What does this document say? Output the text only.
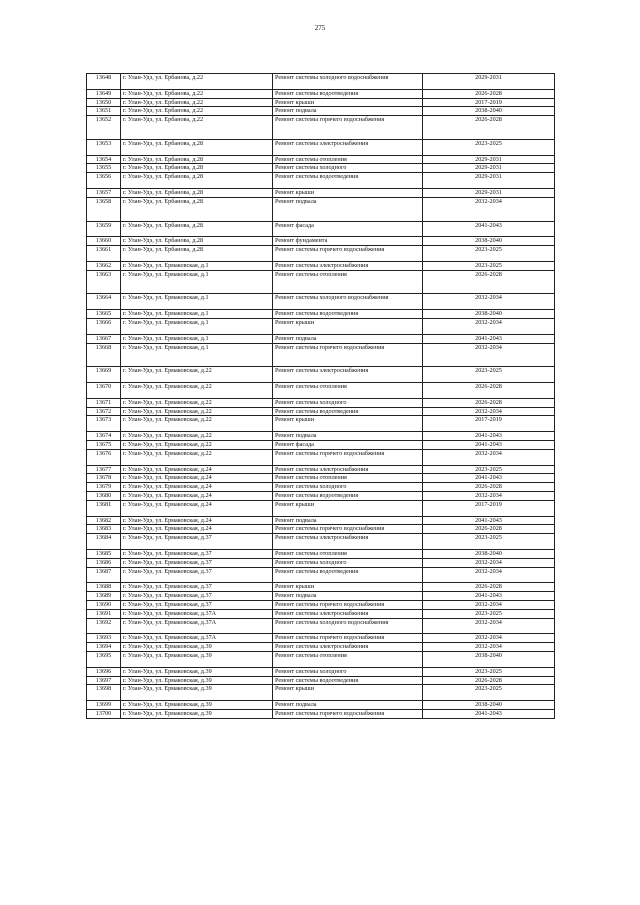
275
13648	г. Улан-Удэ, ул. Ербанова, д.22	Ремонт системы холодного водоснабжения	2029-2031
13649	г. Улан-Удэ, ул. Ербанова, д.22	Ремонт системы водоотведения	2026-2028
13650	г. Улан-Удэ, ул. Ербанова, д.22	Ремонт крыши	2017-2019
13651	г. Улан-Удэ, ул. Ербанова, д.22	Ремонт подвала	2038-2040
13652	г. Улан-Удэ, ул. Ербанова, д.22	Ремонт системы горячего водоснабжения	2026-2028
13653	г. Улан-Удэ, ул. Ербанова, д.28	Ремонт системы электроснабжения	2023-2025
13654	г. Улан-Удэ, ул. Ербанова, д.28	Ремонт системы отопления	2029-2031
13655	г. Улан-Удэ, ул. Ербанова, д.28	Ремонт системы холодного	2029-2031
13656	г. Улан-Удэ, ул. Ербанова, д.28	Ремонт системы водоотведения	2029-2031
13657	г. Улан-Удэ, ул. Ербанова, д.28	Ремонт крыши	2029-2031
13658	г. Улан-Удэ, ул. Ербанова, д.28	Ремонт подвала	2032-2034
13659	г. Улан-Удэ, ул. Ербанова, д.28	Ремонт фасада	2041-2043
13660	г. Улан-Удэ, ул. Ербанова, д.28	Ремонт фундамента	2038-2040
13661	г. Улан-Удэ, ул. Ербанова, д.28	Ремонт системы горячего водоснабжения	2023-2025
13662	г. Улан-Удэ, ул. Ермаковская, д.1	Ремонт системы электроснабжения	2023-2025
13663	г. Улан-Удэ, ул. Ермаковская, д.1	Ремонт системы отопления	2026-2028
13664	г. Улан-Удэ, ул. Ермаковская, д.1	Ремонт системы холодного водоснабжения	2032-2034
13665	г. Улан-Удэ, ул. Ермаковская, д.1	Ремонт системы водоотведения	2038-2040
13666	г. Улан-Удэ, ул. Ермаковская, д.1	Ремонт крыши	2032-2034
13667	г. Улан-Удэ, ул. Ермаковская, д.1	Ремонт подвала	2041-2043
13668	г. Улан-Удэ, ул. Ермаковская, д.1	Ремонт системы горячего водоснабжения	2032-2034
13669	г. Улан-Удэ, ул. Ермаковская, д.22	Ремонт системы электроснабжения	2023-2025
13670	г. Улан-Удэ, ул. Ермаковская, д.22	Ремонт системы отопления	2026-2028
13671	г. Улан-Удэ, ул. Ермаковская, д.22	Ремонт системы холодного	2026-2028
13672	г. Улан-Удэ, ул. Ермаковская, д.22	Ремонт системы водоотведения	2032-2034
13673	г. Улан-Удэ, ул. Ермаковская, д.22	Ремонт крыши	2017-2019
13674	г. Улан-Удэ, ул. Ермаковская, д.22	Ремонт подвала	2041-2043
13675	г. Улан-Удэ, ул. Ермаковская, д.22	Ремонт фасада	2041-2043
13676	г. Улан-Удэ, ул. Ермаковская, д.22	Ремонт системы горячего водоснабжения	2032-2034
13677	г. Улан-Удэ, ул. Ермаковская, д.24	Ремонт системы электроснабжения	2023-2025
13678	г. Улан-Удэ, ул. Ермаковская, д.24	Ремонт системы отопления	2041-2043
13679	г. Улан-Удэ, ул. Ермаковская, д.24	Ремонт системы холодного	2026-2028
13680	г. Улан-Удэ, ул. Ермаковская, д.24	Ремонт системы водоотведения	2032-2034
13681	г. Улан-Удэ, ул. Ермаковская, д.24	Ремонт крыши	2017-2019
13682	г. Улан-Удэ, ул. Ермаковская, д.24	Ремонт подвала	2041-2043
13683	г. Улан-Удэ, ул. Ермаковская, д.24	Ремонт системы горячего водоснабжения	2026-2028
13684	г. Улан-Удэ, ул. Ермаковская, д.37	Ремонт системы электроснабжения	2023-2025
13685	г. Улан-Удэ, ул. Ермаковская, д.37	Ремонт системы отопления	2038-2040
13686	г. Улан-Удэ, ул. Ермаковская, д.37	Ремонт системы холодного	2032-2034
13687	г. Улан-Удэ, ул. Ермаковская, д.37	Ремонт системы водоотведения	2032-2034
13688	г. Улан-Удэ, ул. Ермаковская, д.37	Ремонт крыши	2026-2028
13689	г. Улан-Удэ, ул. Ермаковская, д.37	Ремонт подвала	2041-2043
13690	г. Улан-Удэ, ул. Ермаковская, д.37	Ремонт системы горячего водоснабжения	2032-2034
13691	г. Улан-Удэ, ул. Ермаковская, д.37А	Ремонт системы электроснабжения	2023-2025
13692	г. Улан-Удэ, ул. Ермаковская, д.37А	Ремонт системы холодного водоснабжения	2032-2034
13693	г. Улан-Удэ, ул. Ермаковская, д.37А	Ремонт системы горячего водоснабжения	2032-2034
13694	г. Улан-Удэ, ул. Ермаковская, д.39	Ремонт системы электроснабжения	2032-2034
13695	г. Улан-Удэ, ул. Ермаковская, д.39	Ремонт системы отопления	2038-2040
13696	г. Улан-Удэ, ул. Ермаковская, д.39	Ремонт системы холодного	2023-2025
13697	г. Улан-Удэ, ул. Ермаковская, д.39	Ремонт системы водоотведения	2026-2028
13698	г. Улан-Удэ, ул. Ермаковская, д.39	Ремонт крыши	2023-2025
13699	г. Улан-Удэ, ул. Ермаковская, д.39	Ремонт подвала	2038-2040
13700	г. Улан-Удэ, ул. Ермаковская, д.39	Ремонт системы горячего водоснабжения	2041-2043
